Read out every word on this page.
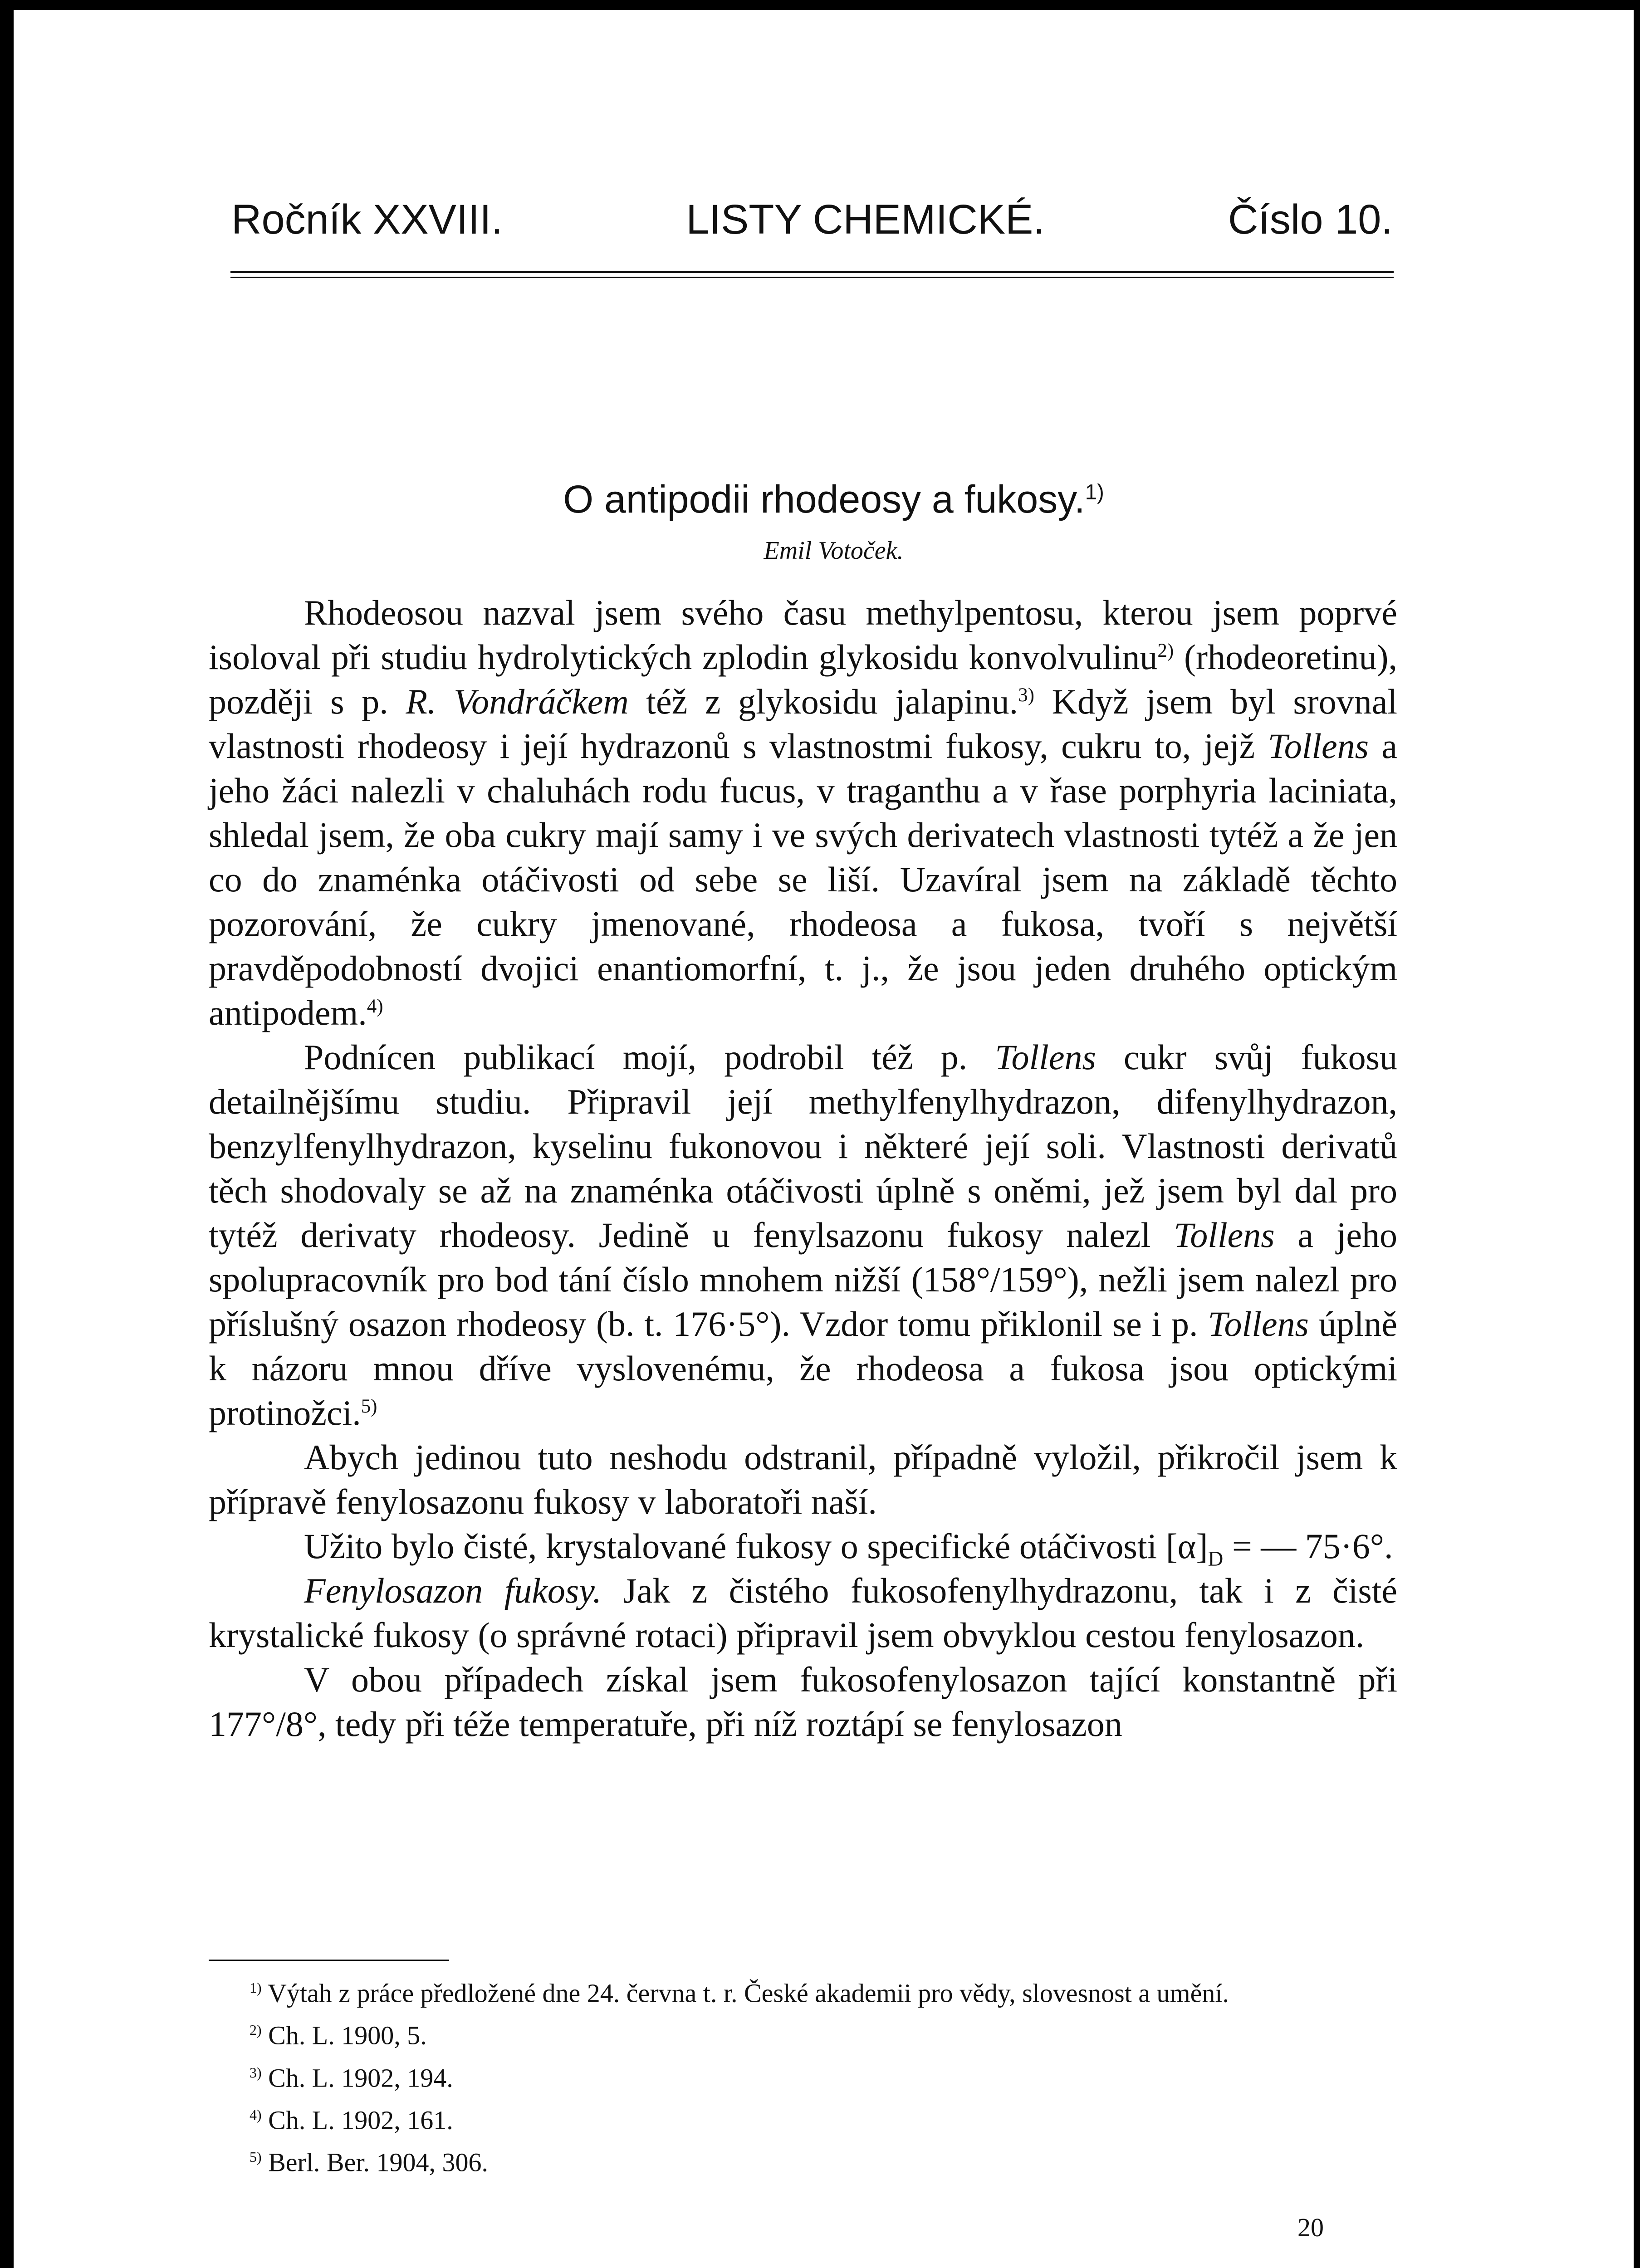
Ročník XXVIII.	LISTY CHEMICKÉ.	Číslo 10.
O antipodii rhodeosy a fukosy.$^{1)}$
Emil Votoček.

Rhodeosou nazval jsem svého času methylpentosu, kterou jsem poprvé isoloval při studiu hydrolytických zplodin glykosidu konvolvulinu$^{2)}$ (rhodeoretinu), později s p. R. Vondráčkem též z glykosidu jalapinu.$^{3)}$ Když jsem byl srovnal vlastnosti rhodeosy i její hydrazonů s vlastnostmi fukosy, cukru to, jejž Tollens a jeho žáci nalezli v chaluhách rodu fucus, v traganthu a v řase porphyria laciniata, shledal jsem, že oba cukry mají samy i ve svých derivatech vlastnosti tytéž a že jen co do znaménka otáčivosti od sebe se liší. Uzavíral jsem na základě těchto pozorování, že cukry jmenované, rhodeosa a fukosa, tvoří s největší pravděpodobností dvojici enantiomorfní, t. j., že jsou jeden druhého optickým antipodem.$^{4)}$

Podnícen publikací mojí, podrobil též p. Tollens cukr svůj fukosu detailnějšímu studiu. Připravil její methylfenylhydrazon, difenylhydrazon, benzylfenylhydrazon, kyselinu fukonovou i některé její soli. Vlastnosti derivatů těch shodovaly se až na znaménka otáčivosti úplně s oněmi, jež jsem byl dal pro tytéž derivaty rhodeosy. Jedině u fenylsazonu fukosy nalezl Tollens a jeho spolupracovník pro bod tání číslo mnohem nižší (158°/159°), nežli jsem nalezl pro příslušný osazon rhodeosy (b. t. 176·5°). Vzdor tomu přiklonil se i p. Tollens úplně k názoru mnou dříve vyslovenému, že rhodeosa a fukosa jsou optickými protinožci.$^{5)}$

Abych jedinou tuto neshodu odstranil, případně vyložil, přikročil jsem k přípravě fenylosazonu fukosy v laboratoři naší.

Užito bylo čisté, krystalované fukosy o specifické otáčivosti $[\alpha]_D$ = — 75·6°.

Fenylosazon fukosy. Jak z čistého fukosofenylhydrazonu, tak i z čisté krystalické fukosy (o správné rotaci) připravil jsem obvyklou cestou fenylosazon.

V obou případech získal jsem fukosofenylosazon tající konstantně při 177°/8°, tedy při téže temperatuře, při níž roztápí se fenylosazon

$^{1)}$ Výtah z práce předložené dne 24. června t. r. České akademii pro vědy, slovesnost a umění.

$^{2)}$ Ch. L. 1900, 5.

$^{3)}$ Ch. L. 1902, 194.

$^{4)}$ Ch. L. 1902, 161.

$^{5)}$ Berl. Ber. 1904, 306.

20
